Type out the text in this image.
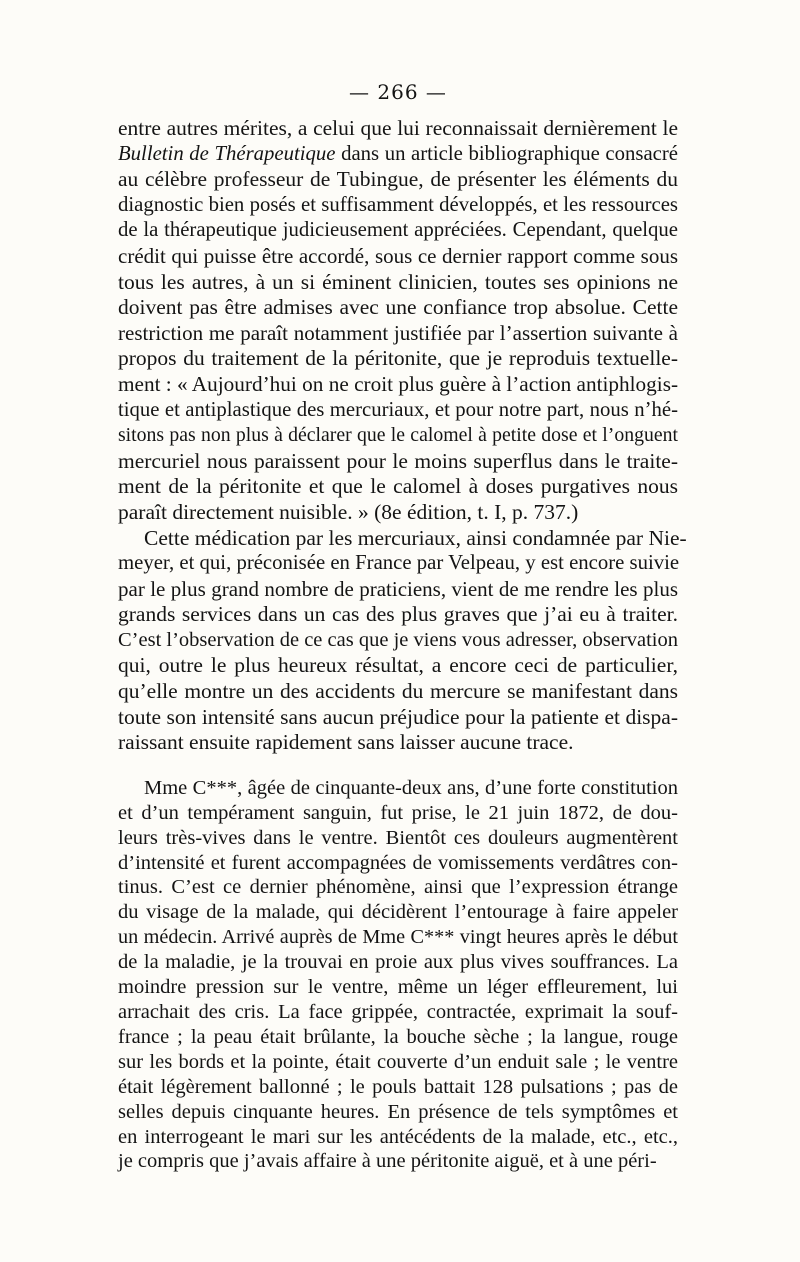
— 266 —
entre autres mérites, a celui que lui reconnaissait dernièrement le
Bulletin de Thérapeutique dans un article bibliographique consacré
au célèbre professeur de Tubingue, de présenter les éléments du
diagnostic bien posés et suffisamment développés, et les ressources
de la thérapeutique judicieusement appréciées. Cependant, quelque
crédit qui puisse être accordé, sous ce dernier rapport comme sous
tous les autres, à un si éminent clinicien, toutes ses opinions ne
doivent pas être admises avec une confiance trop absolue. Cette
restriction me paraît notamment justifiée par l’assertion suivante à
propos du traitement de la péritonite, que je reproduis textuelle-
ment : « Aujourd’hui on ne croit plus guère à l’action antiphlogis-
tique et antiplastique des mercuriaux, et pour notre part, nous n’hé-
sitons pas non plus à déclarer que le calomel à petite dose et l’onguent
mercuriel nous paraissent pour le moins superflus dans le traite-
ment de la péritonite et que le calomel à doses purgatives nous
paraît directement nuisible. » (8e édition, t. I, p. 737.)
Cette médication par les mercuriaux, ainsi condamnée par Nie-
meyer, et qui, préconisée en France par Velpeau, y est encore suivie
par le plus grand nombre de praticiens, vient de me rendre les plus
grands services dans un cas des plus graves que j’ai eu à traiter.
C’est l’observation de ce cas que je viens vous adresser, observation
qui, outre le plus heureux résultat, a encore ceci de particulier,
qu’elle montre un des accidents du mercure se manifestant dans
toute son intensité sans aucun préjudice pour la patiente et dispa-
raissant ensuite rapidement sans laisser aucune trace.
Mme C***, âgée de cinquante-deux ans, d’une forte constitution
et d’un tempérament sanguin, fut prise, le 21 juin 1872, de dou-
leurs très-vives dans le ventre. Bientôt ces douleurs augmentèrent
d’intensité et furent accompagnées de vomissements verdâtres con-
tinus. C’est ce dernier phénomène, ainsi que l’expression étrange
du visage de la malade, qui décidèrent l’entourage à faire appeler
un médecin. Arrivé auprès de Mme C*** vingt heures après le début
de la maladie, je la trouvai en proie aux plus vives souffrances. La
moindre pression sur le ventre, même un léger effleurement, lui
arrachait des cris. La face grippée, contractée, exprimait la souf-
france ; la peau était brûlante, la bouche sèche ; la langue, rouge
sur les bords et la pointe, était couverte d’un enduit sale ; le ventre
était légèrement ballonné ; le pouls battait 128 pulsations ; pas de
selles depuis cinquante heures. En présence de tels symptômes et
en interrogeant le mari sur les antécédents de la malade, etc., etc.,
je compris que j’avais affaire à une péritonite aiguë, et à une péri-
